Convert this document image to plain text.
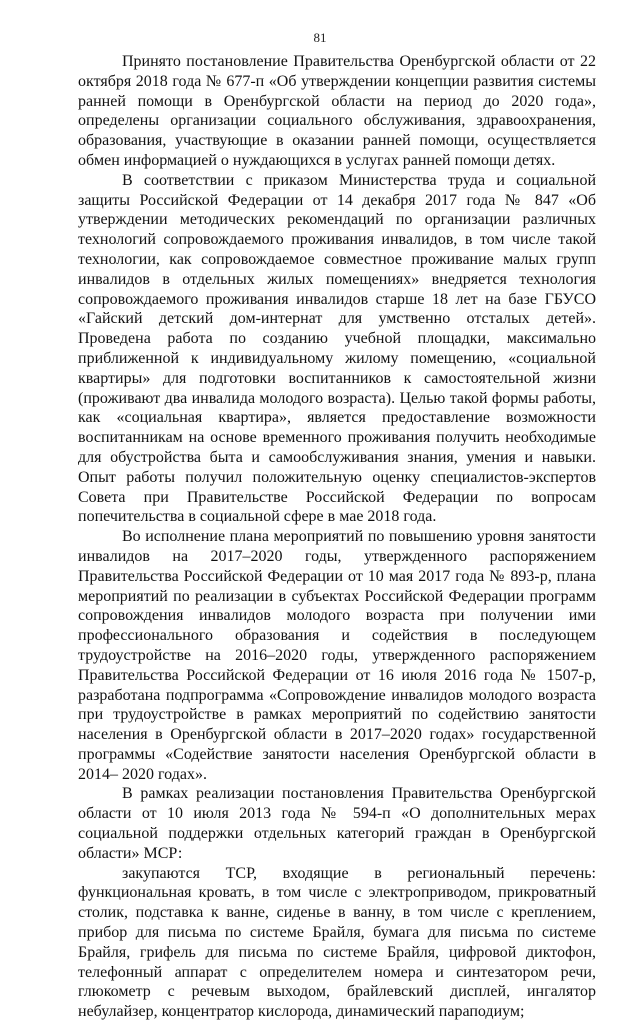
81

Принято постановление Правительства Оренбургской области от 22 октября 2018 года № 677-п «Об утверждении концепции развития системы ранней помощи в Оренбургской области на период до 2020 года», определены организации социального обслуживания, здравоохранения, образования, участвующие в оказании ранней помощи, осуществляется обмен информацией о нуждающихся в услугах ранней помощи детях.

В соответствии с приказом Министерства труда и социальной защиты Российской Федерации от 14 декабря 2017 года № 847 «Об утверждении методических рекомендаций по организации различных технологий сопровождаемого проживания инвалидов, в том числе такой технологии, как сопровождаемое совместное проживание малых групп инвалидов в отдельных жилых помещениях» внедряется технология сопровождаемого проживания инвалидов старше 18 лет на базе ГБУСО «Гайский детский дом-интернат для умственно отсталых детей». Проведена работа по созданию учебной площадки, максимально приближенной к индивидуальному жилому помещению, «социальной квартиры» для подготовки воспитанников к самостоятельной жизни (проживают два инвалида молодого возраста). Целью такой формы работы, как «социальная квартира», является предоставление возможности воспитанникам на основе временного проживания получить необходимые для обустройства быта и самообслуживания знания, умения и навыки. Опыт работы получил положительную оценку специалистов-экспертов Совета при Правительстве Российской Федерации по вопросам попечительства в социальной сфере в мае 2018 года.

Во исполнение плана мероприятий по повышению уровня занятости инвалидов на 2017–2020 годы, утвержденного распоряжением Правительства Российской Федерации от 10 мая 2017 года № 893-р, плана мероприятий по реализации в субъектах Российской Федерации программ сопровождения инвалидов молодого возраста при получении ими профессионального образования и содействия в последующем трудоустройстве на 2016–2020 годы, утвержденного распоряжением Правительства Российской Федерации от 16 июля 2016 года № 1507-р, разработана подпрограмма «Сопровождение инвалидов молодого возраста при трудоустройстве в рамках мероприятий по содействию занятости населения в Оренбургской области в 2017–2020 годах» государственной программы «Содействие занятости населения Оренбургской области в 2014– 2020 годах».

В рамках реализации постановления Правительства Оренбургской области от 10 июля 2013 года № 594-п «О дополнительных мерах социальной поддержки отдельных категорий граждан в Оренбургской области» МСР:

закупаются ТСР, входящие в региональный перечень: функциональная кровать, в том числе с электроприводом, прикроватный столик, подставка к ванне, сиденье в ванну, в том числе с креплением, прибор для письма по системе Брайля, бумага для письма по системе Брайля, грифель для письма по системе Брайля, цифровой диктофон, телефонный аппарат с определителем номера и синтезатором речи, глюкометр с речевым выходом, брайлевский дисплей, ингалятор небулайзер, концентратор кислорода, динамический параподиум;
